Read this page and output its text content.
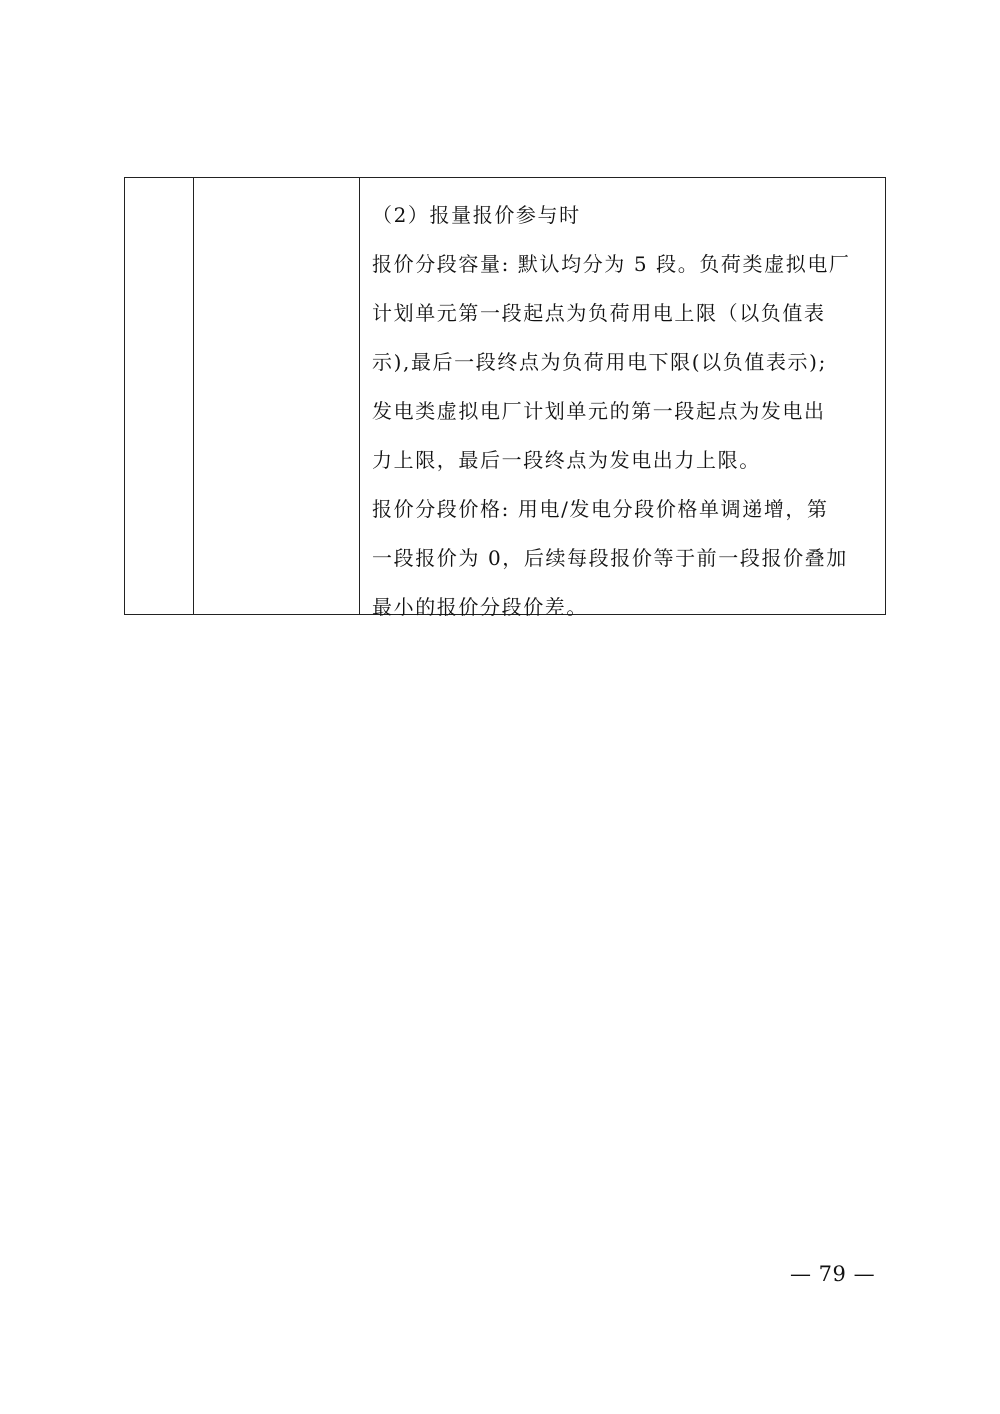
（2）报量报价参与时

报价分段容量: 默认均分为 5 段。负荷类虚拟电厂
计划单元第一段起点为负荷用电上限（以负值表
示),最后一段终点为负荷用电下限(以负值表示);
发电类虚拟电厂计划单元的第一段起点为发电出
力上限，最后一段终点为发电出力上限。

报价分段价格: 用电/发电分段价格单调递增，第
一段报价为 0，后续每段报价等于前一段报价叠加
最小的报价分段价差。

— 79 —
